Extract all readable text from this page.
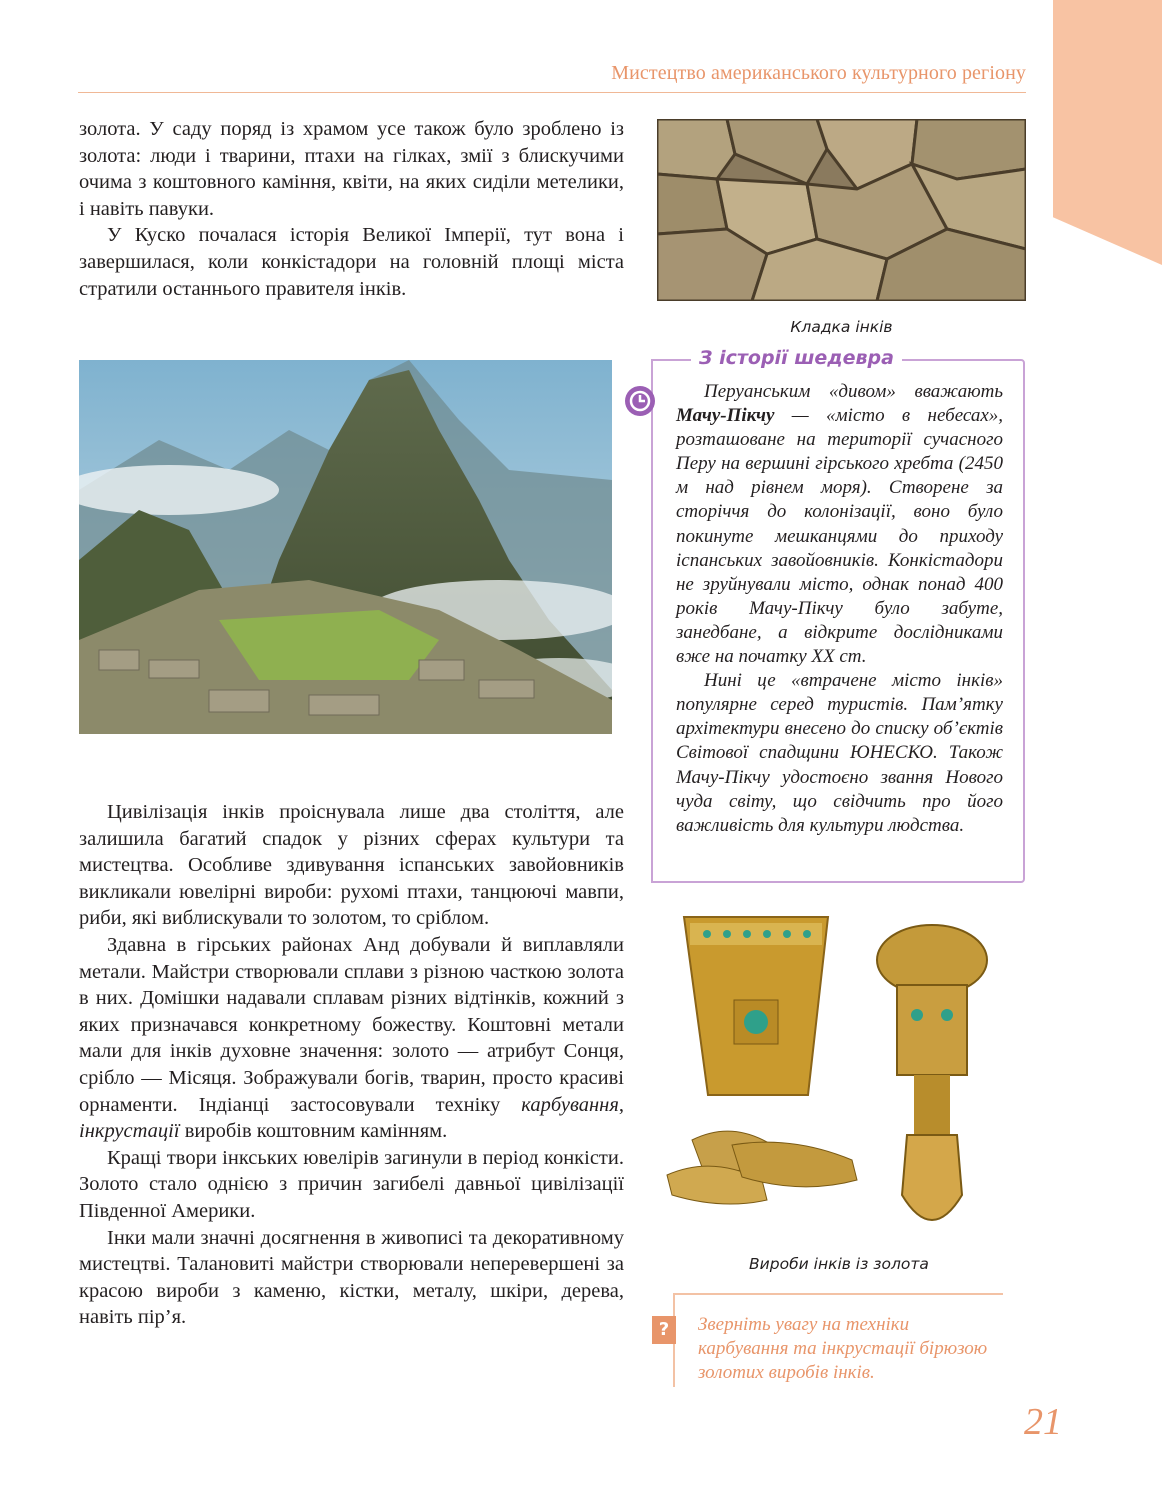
Мистецтво американського культурного регіону

золота. У саду поряд із храмом усе також було зроблено із золота: люди і тварини, птахи на гілках, змії з блискучими очима з коштовного каміння, квіти, на яких сиділи метелики, і навіть павуки.

У Куско почалася історія Великої Імперії, тут вона і завершилася, коли конкістадори на головній площі міста стратили останнього правителя інків.

Кладка інків
З історії шедевра

Перуанським «дивом» вважають Мачу-Пікчу — «місто в небесах», розташоване на території сучасного Перу на вершині гірського хребта (2450 м над рівнем моря). Створене за сторіччя до колонізації, воно було покинуте мешканцями до приходу іспанських завойовників. Конкістадори не зруйнували місто, однак понад 400 років Мачу-Пікчу було забуте, занедбане, а відкрите дослідниками вже на початку XX ст.

Нині це «втрачене місто інків» популярне серед туристів. Пам’ятку архітектури внесено до списку об’єктів Світової спадщини ЮНЕСКО. Також Мачу-Пікчу удостоєно звання Нового чуда світу, що свідчить про його важливість для культури людства.

Цивілізація інків проіснувала лише два століття, але залишила багатий спадок у різних сферах культури та мистецтва. Особливе здивування іспанських завойовників викликали ювелірні вироби: рухомі птахи, танцюючі мавпи, риби, які виблискували то золотом, то сріблом.

Здавна в гірських районах Анд добували й виплавляли метали. Майстри створювали сплави з різною часткою золота в них. Домішки надавали сплавам різних відтінків, кожний з яких призначався конкретному божеству. Коштовні метали мали для інків духовне значення: золото — атрибут Сонця, срібло — Місяця. Зображували богів, тварин, просто красиві орнаменти. Індіанці застосовували техніку карбування, інкрустації виробів коштовним камінням.

Кращі твори інкських ювелірів загинули в період конкісти. Золото стало однією з причин загибелі давньої цивілізації Південної Америки.

Інки мали значні досягнення в живописі та декоративному мистецтві. Талановиті майстри створювали неперевершені за красою вироби з каменю, кістки, металу, шкіри, дерева, навіть пір’я.

Вироби інків із золота
?	Зверніть увагу на техніки карбування та інкрустації бірюзою золотих виробів інків.
21
